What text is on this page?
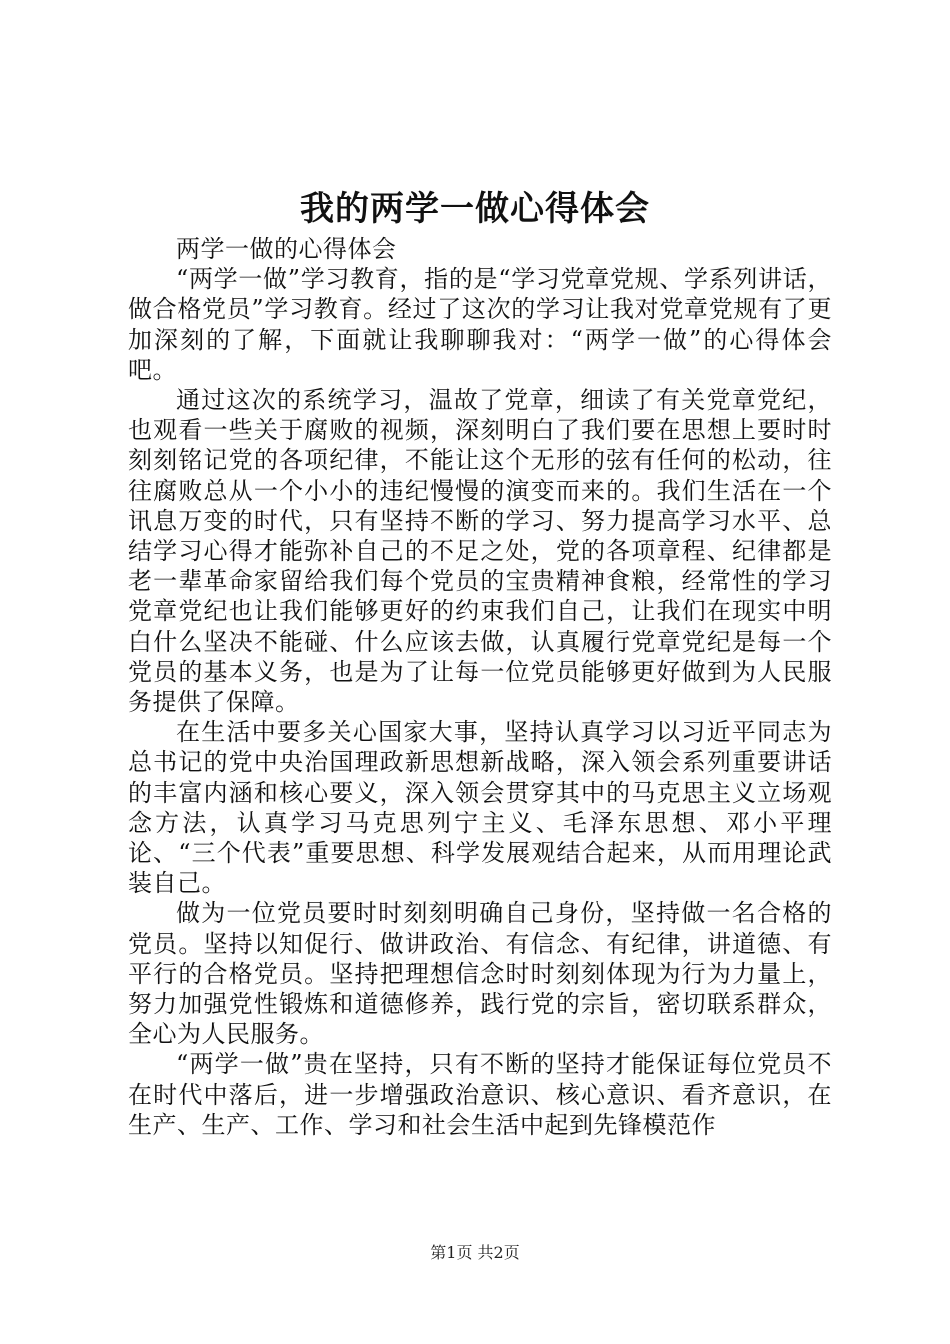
我的两学一做心得体会

两学一做的心得体会

“两学一做”学习教育，指的是“学习党章党规、学系列讲话，做合格党员”学习教育。经过了这次的学习让我对党章党规有了更加深刻的了解，下面就让我聊聊我对：“两学一做”的心得体会吧。

通过这次的系统学习，温故了党章，细读了有关党章党纪，也观看一些关于腐败的视频，深刻明白了我们要在思想上要时时刻刻铭记党的各项纪律，不能让这个无形的弦有任何的松动，往往腐败总从一个小小的违纪慢慢的演变而来的。我们生活在一个讯息万变的时代，只有坚持不断的学习、努力提高学习水平、总结学习心得才能弥补自己的不足之处，党的各项章程、纪律都是老一辈革命家留给我们每个党员的宝贵精神食粮，经常性的学习党章党纪也让我们能够更好的约束我们自己，让我们在现实中明白什么坚决不能碰、什么应该去做，认真履行党章党纪是每一个党员的基本义务，也是为了让每一位党员能够更好做到为人民服务提供了保障。

在生活中要多关心国家大事，坚持认真学习以习近平同志为总书记的党中央治国理政新思想新战略，深入领会系列重要讲话的丰富内涵和核心要义，深入领会贯穿其中的马克思主义立场观念方法，认真学习马克思列宁主义、毛泽东思想、邓小平理论、“三个代表”重要思想、科学发展观结合起来，从而用理论武装自己。

做为一位党员要时时刻刻明确自己身份，坚持做一名合格的党员。坚持以知促行、做讲政治、有信念、有纪律，讲道德、有平行的合格党员。坚持把理想信念时时刻刻体现为行为力量上，努力加强党性锻炼和道德修养，践行党的宗旨，密切联系群众，全心为人民服务。

“两学一做”贵在坚持，只有不断的坚持才能保证每位党员不在时代中落后，进一步增强政治意识、核心意识、看齐意识，在生产、生产、工作、学习和社会生活中起到先锋模范作

第1页 共2页
